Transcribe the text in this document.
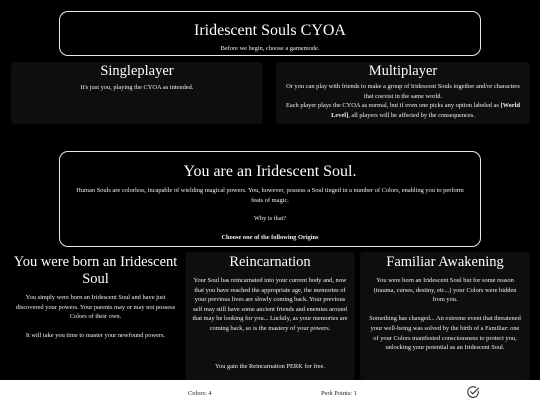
Iridescent Souls CYOA
Before we begin, choose a gamemode.
Singleplayer
It's just you, playing the CYOA as intended.
Multiplayer
Or you can play with friends to make a group of Iridescent Souls together and/or characters that coexist in the same world.
Each player plays the CYOA as normal, but if even one picks any option labeled as [World Level], all players will be affected by the consequences.
You are an Iridescent Soul.
Human Souls are colorless, incapable of wielding magical powers. You, however, possess a Soul tinged in a number of Colors, enabling you to perform feats of magic.
Why is that?
Choose one of the following Origins
You were born an Iridescent Soul
You simply were born an Iridescent Soul and have just discovered your powers. Your parents may or may not possess Colors of their own.
It will take you time to master your newfound powers.
Reincarnation
Your Soul has reincarnated into your current body and, now that you have reached the appropriate age, the memories of your previous lives are slowly coming back. Your previous self may still have some ancient friends and enemies around that may be looking for you... Luckily, as your memories are coming back, so is the mastery of your powers.
You gain the Reincarnation PERK for free.
Familiar Awakening
You were born an Iridescent Soul but for some reason (trauma, curses, destiny, etc...) your Colors were hidden from you.
Something has changed... An extreme event that threatened your well-being was solved by the birth of a Familiar: one of your Colors manifested consciousness to protect you, unlocking your potential as an Iridescent Soul.
Colors: 4	Perk Points: 1
